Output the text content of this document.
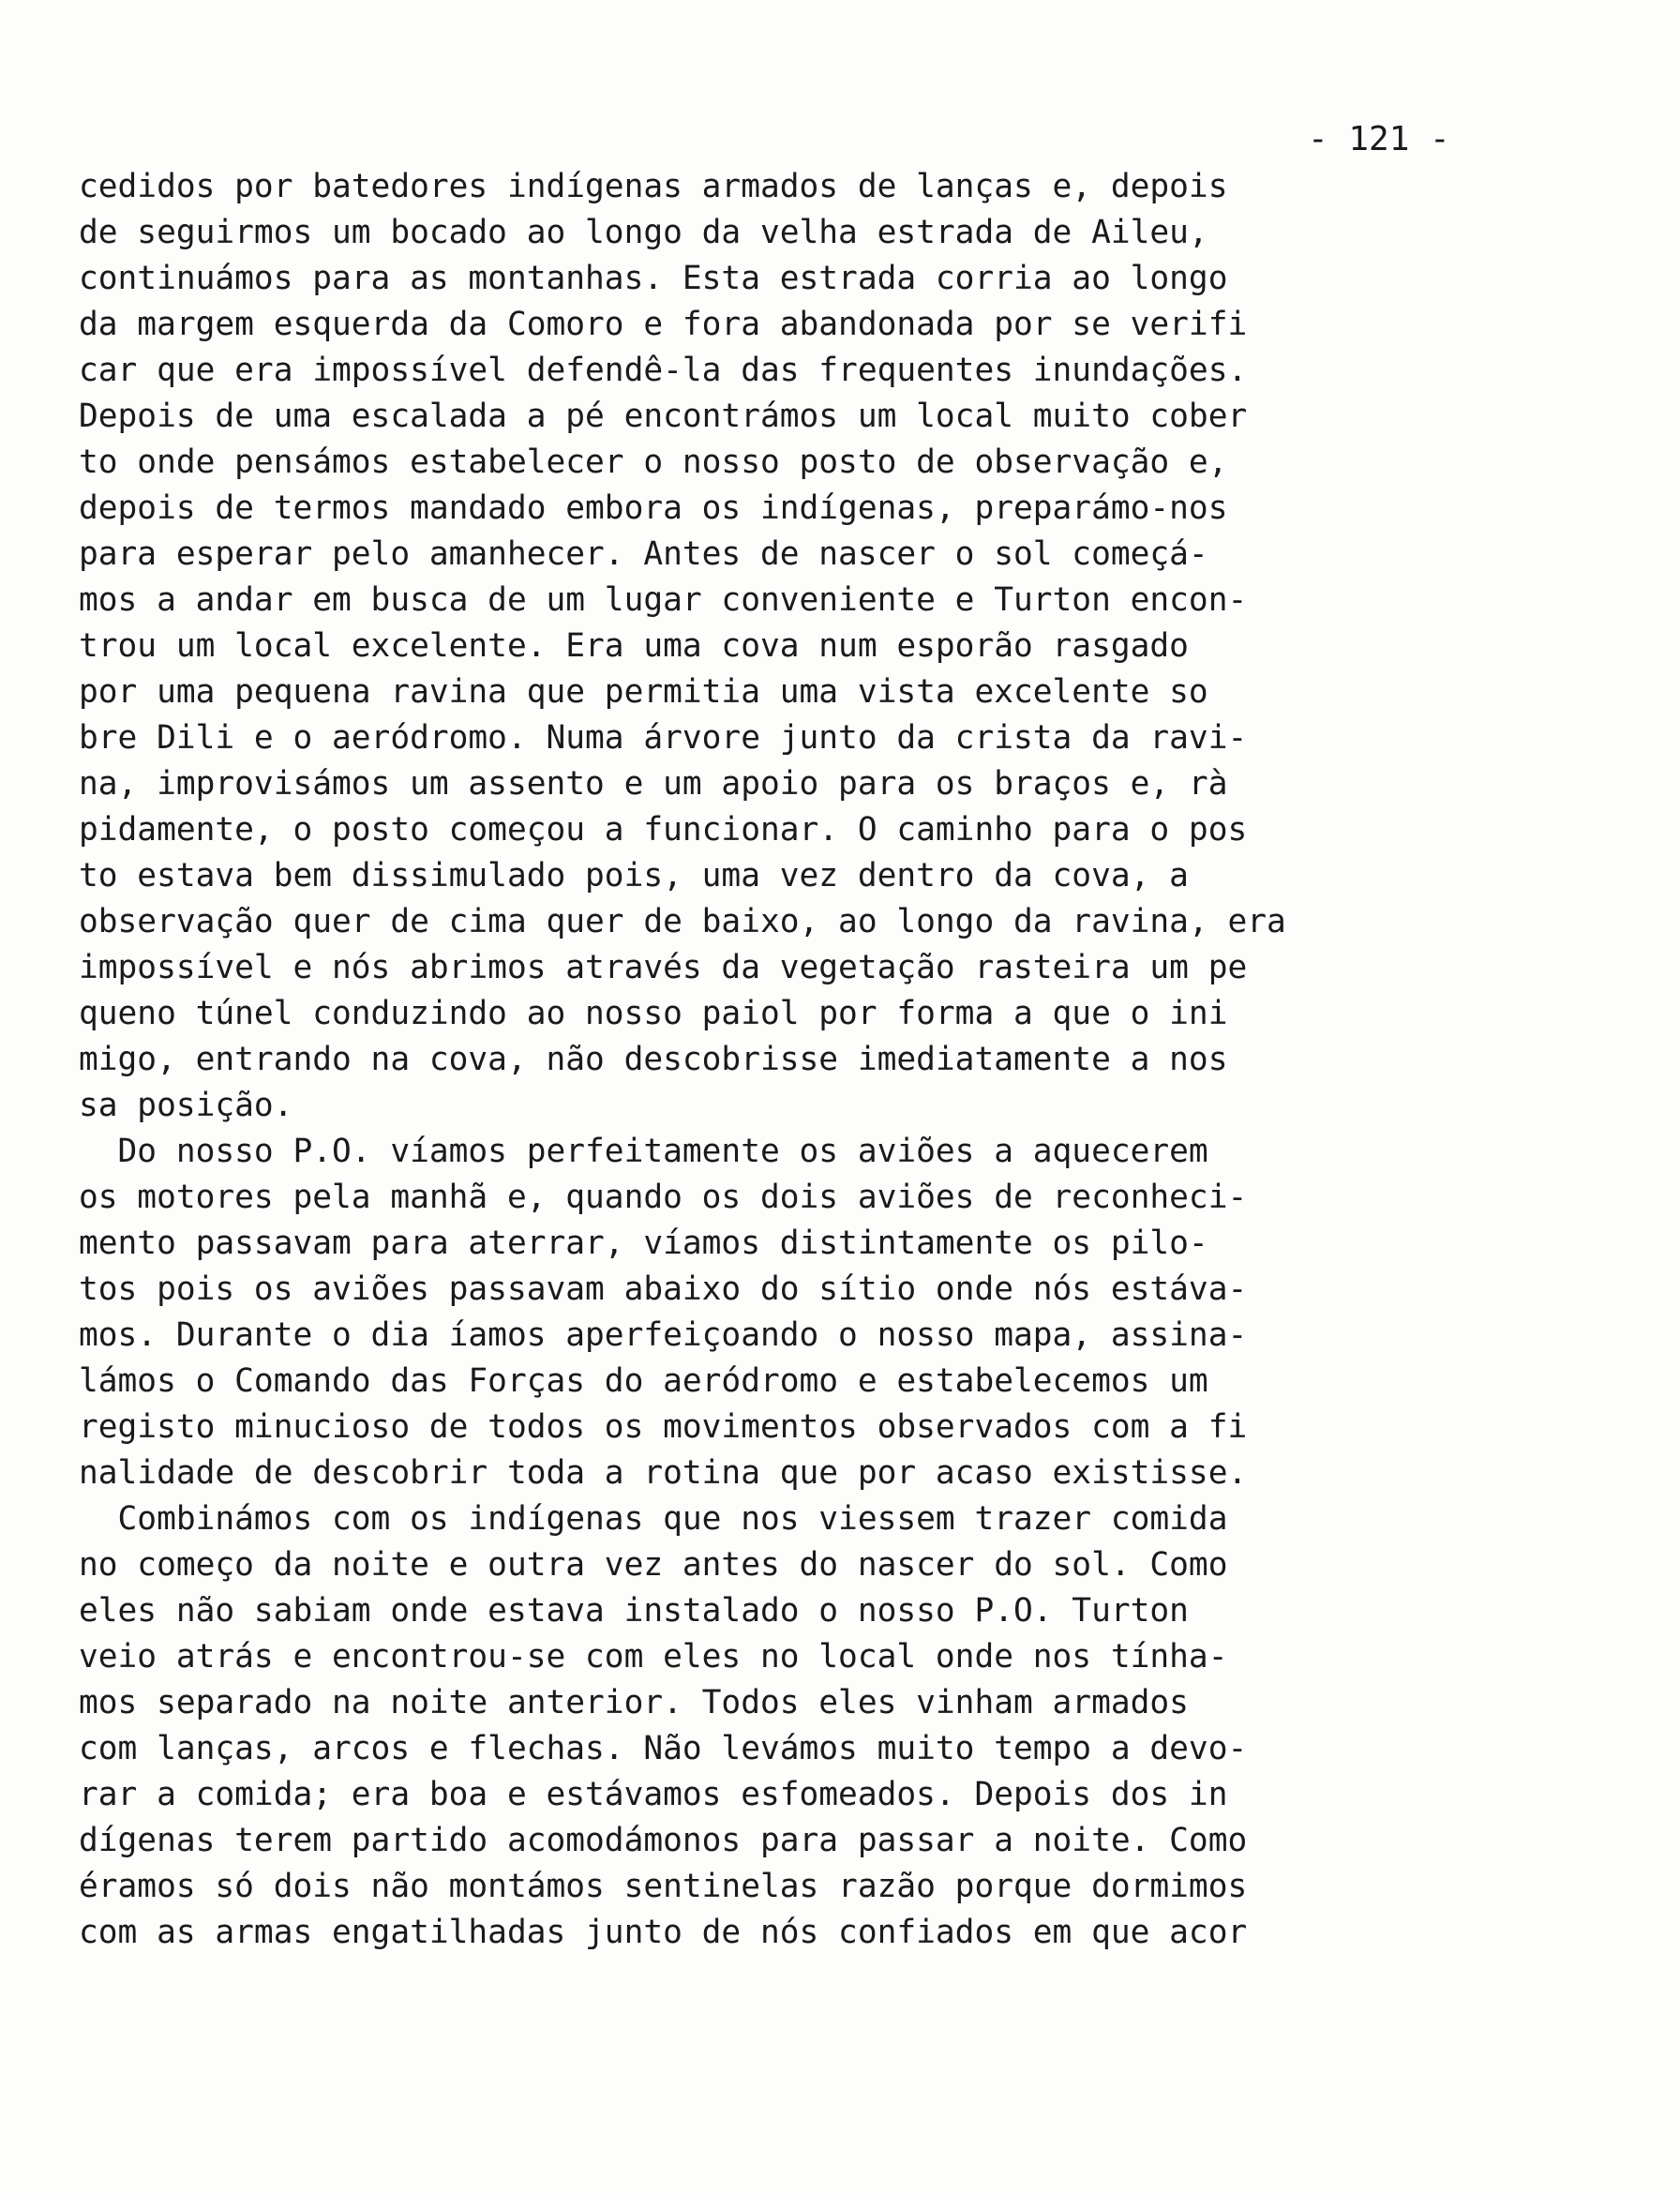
- 121 -
cedidos por batedores indígenas armados de lanças e, depois
de seguirmos um bocado ao longo da velha estrada de Aileu,
continuámos para as montanhas. Esta estrada corria ao longo
da margem esquerda da Comoro e fora abandonada por se verifi
car que era impossível defendê-la das frequentes inundações.
Depois de uma escalada a pé encontrámos um local muito cober
to onde pensámos estabelecer o nosso posto de observação e,
depois de termos mandado embora os indígenas, preparámo-nos
para esperar pelo amanhecer. Antes de nascer o sol começá-
mos a andar em busca de um lugar conveniente e Turton encon-
trou um local excelente. Era uma cova num esporão rasgado
por uma pequena ravina que permitia uma vista excelente so
bre Dili e o aeródromo. Numa árvore junto da crista da ravi-
na, improvisámos um assento e um apoio para os braços e, rà
pidamente, o posto começou a funcionar. O caminho para o pos
to estava bem dissimulado pois, uma vez dentro da cova, a
observação quer de cima quer de baixo, ao longo da ravina, era
impossível e nós abrimos através da vegetação rasteira um pe
queno túnel conduzindo ao nosso paiol por forma a que o ini
migo, entrando na cova, não descobrisse imediatamente a nos
sa posição.
Do nosso P.O. víamos perfeitamente os aviões a aquecerem
os motores pela manhã e, quando os dois aviões de reconheci-
mento passavam para aterrar, víamos distintamente os pilo-
tos pois os aviões passavam abaixo do sítio onde nós estáva-
mos. Durante o dia íamos aperfeiçoando o nosso mapa, assina-
lámos o Comando das Forças do aeródromo e estabelecemos um
registo minucioso de todos os movimentos observados com a fi
nalidade de descobrir toda a rotina que por acaso existisse.
Combinámos com os indígenas que nos viessem trazer comida
no começo da noite e outra vez antes do nascer do sol. Como
eles não sabiam onde estava instalado o nosso P.O. Turton
veio atrás e encontrou-se com eles no local onde nos tínha-
mos separado na noite anterior. Todos eles vinham armados
com lanças, arcos e flechas. Não levámos muito tempo a devo-
rar a comida; era boa e estávamos esfomeados. Depois dos in
dígenas terem partido acomodámonos para passar a noite. Como
éramos só dois não montámos sentinelas razão porque dormimos
com as armas engatilhadas junto de nós confiados em que acor
